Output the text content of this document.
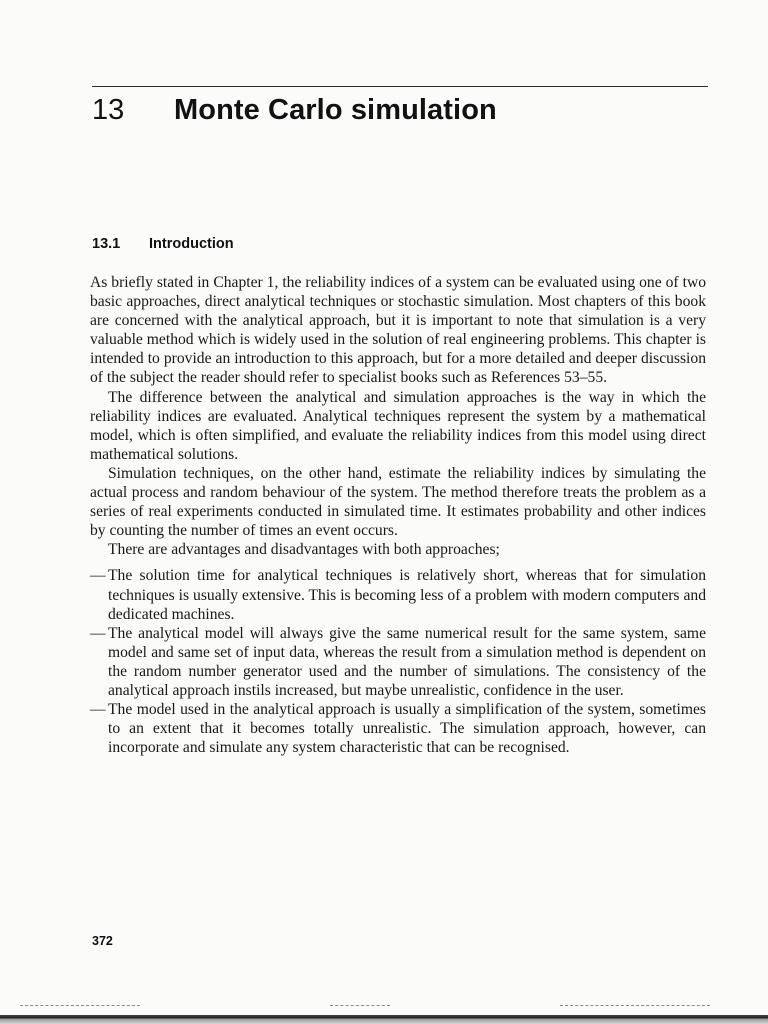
13	Monte Carlo simulation
13.1 Introduction

As briefly stated in Chapter 1, the reliability indices of a system can be evaluated using one of two basic approaches, direct analytical techniques or stochastic simulation. Most chapters of this book are concerned with the analytical approach, but it is important to note that simulation is a very valuable method which is widely used in the solution of real engineering problems. This chapter is intended to provide an introduction to this approach, but for a more detailed and deeper discussion of the subject the reader should refer to specialist books such as References 53–55.

The difference between the analytical and simulation approaches is the way in which the reliability indices are evaluated. Analytical techniques represent the system by a mathematical model, which is often simplified, and evaluate the reliability indices from this model using direct mathematical solutions.

Simulation techniques, on the other hand, estimate the reliability indices by simulating the actual process and random behaviour of the system. The method therefore treats the problem as a series of real experiments conducted in simulated time. It estimates probability and other indices by counting the number of times an event occurs.

There are advantages and disadvantages with both approaches;

— The solution time for analytical techniques is relatively short, whereas that for simulation techniques is usually extensive. This is becoming less of a problem with modern computers and dedicated machines.
— The analytical model will always give the same numerical result for the same system, same model and same set of input data, whereas the result from a simulation method is dependent on the random number generator used and the number of simulations. The consistency of the analytical approach instils increased, but maybe unrealistic, confidence in the user.
— The model used in the analytical approach is usually a simplification of the system, sometimes to an extent that it becomes totally unrealistic. The simulation approach, however, can incorporate and simulate any system characteristic that can be recognised.
372
